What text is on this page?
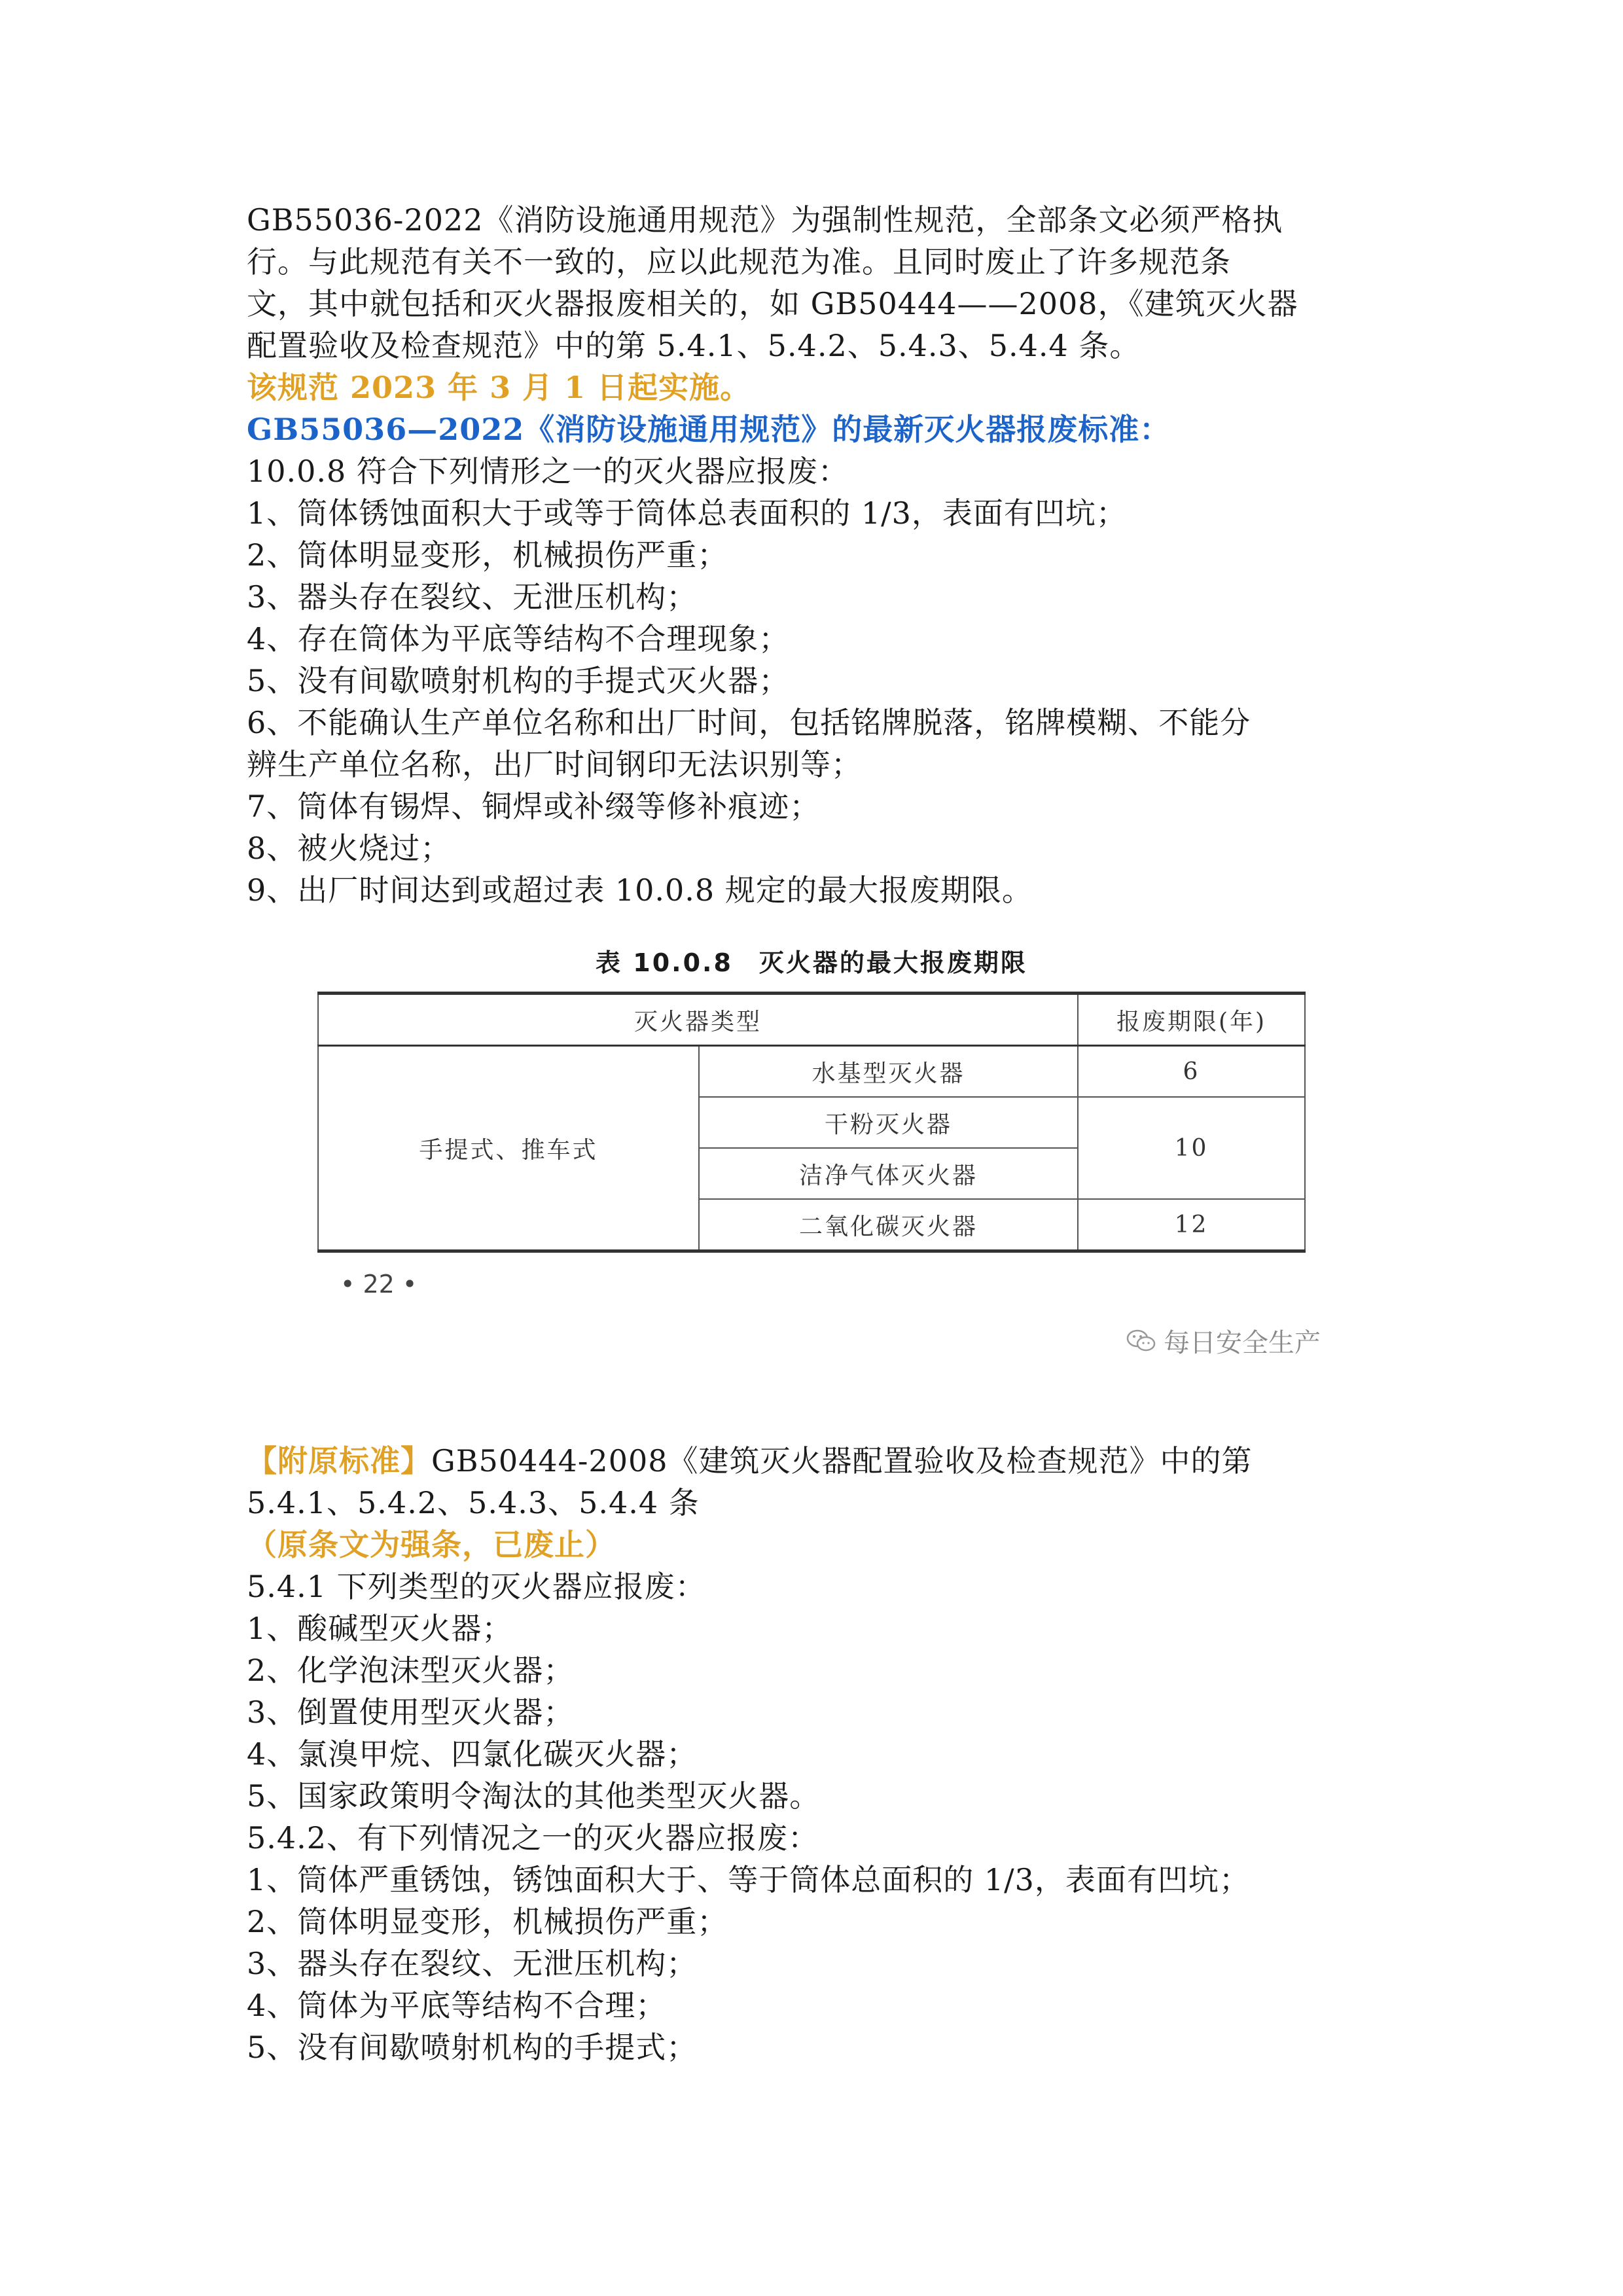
GB55036-2022《消防设施通用规范》为强制性规范，全部条文必须严格执

行。与此规范有关不一致的，应以此规范为准。且同时废止了许多规范条

文，其中就包括和灭火器报废相关的，如 GB50444——2008，《建筑灭火器

配置验收及检查规范》中的第 5.4.1、5.4.2、5.4.3、5.4.4 条。

该规范 2023 年 3 月 1 日起实施。

GB55036—2022《消防设施通用规范》的最新灭火器报废标准：

10.0.8 符合下列情形之一的灭火器应报废：

1、筒体锈蚀面积大于或等于筒体总表面积的 1/3，表面有凹坑；

2、筒体明显变形，机械损伤严重；

3、器头存在裂纹、无泄压机构；

4、存在筒体为平底等结构不合理现象；

5、没有间歇喷射机构的手提式灭火器；

6、不能确认生产单位名称和出厂时间，包括铭牌脱落，铭牌模糊、不能分

辨生产单位名称，出厂时间钢印无法识别等；

7、筒体有锡焊、铜焊或补缀等修补痕迹；

8、被火烧过；

9、出厂时间达到或超过表 10.0.8 规定的最大报废期限。

表 10.0.8 灭火器的最大报废期限
灭火器类型		报废期限(年)
手提式、推车式	水基型灭火器	6
	干粉灭火器	10
	洁净气体灭火器	
	二氧化碳灭火器	12
• 22 •
每日安全生产

【附原标准】GB50444-2008《建筑灭火器配置验收及检查规范》中的第

5.4.1、5.4.2、5.4.3、5.4.4 条

（原条文为强条，已废止）

5.4.1 下列类型的灭火器应报废：

1、酸碱型灭火器；

2、化学泡沫型灭火器；

3、倒置使用型灭火器；

4、氯溴甲烷、四氯化碳灭火器；

5、国家政策明令淘汰的其他类型灭火器。

5.4.2、有下列情况之一的灭火器应报废：

1、筒体严重锈蚀，锈蚀面积大于、等于筒体总面积的 1/3，表面有凹坑；

2、筒体明显变形，机械损伤严重；

3、器头存在裂纹、无泄压机构；

4、筒体为平底等结构不合理；

5、没有间歇喷射机构的手提式；
